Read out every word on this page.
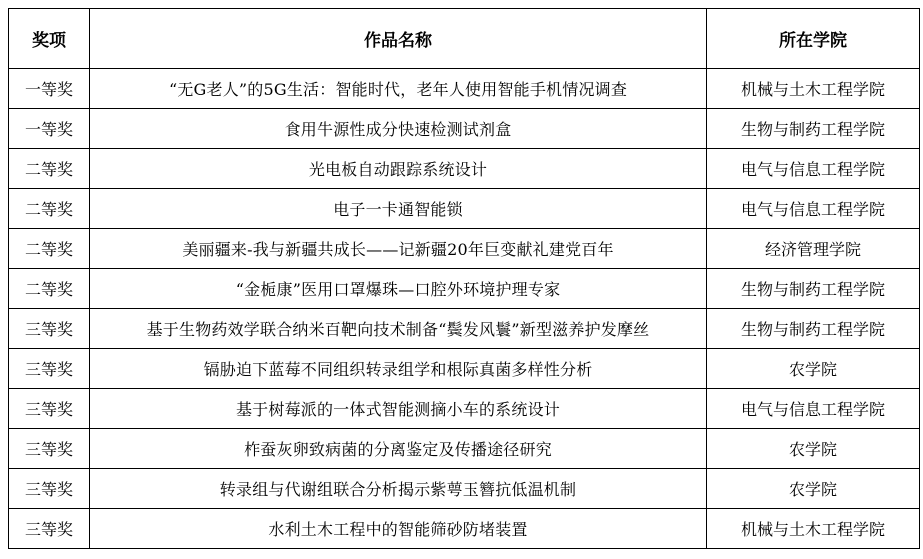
奖项	作品名称	所在学院
一等奖	“无G老人”的5G生活：智能时代，老年人使用智能手机情况调查	机械与土木工程学院
一等奖	食用牛源性成分快速检测试剂盒	生物与制药工程学院
二等奖	光电板自动跟踪系统设计	电气与信息工程学院
二等奖	电子一卡通智能锁	电气与信息工程学院
二等奖	美丽疆来-我与新疆共成长——记新疆20年巨变献礼建党百年	经济管理学院
二等奖	“金栀康”医用口罩爆珠—口腔外环境护理专家	生物与制药工程学院
三等奖	基于生物药效学联合纳米百靶向技术制备“鬓发风鬟”新型滋养护发摩丝	生物与制药工程学院
三等奖	镉胁迫下蓝莓不同组织转录组学和根际真菌多样性分析	农学院
三等奖	基于树莓派的一体式智能测摘小车的系统设计	电气与信息工程学院
三等奖	柞蚕灰卵致病菌的分离鉴定及传播途径研究	农学院
三等奖	转录组与代谢组联合分析揭示紫萼玉簪抗低温机制	农学院
三等奖	水利土木工程中的智能筛砂防堵装置	机械与土木工程学院
